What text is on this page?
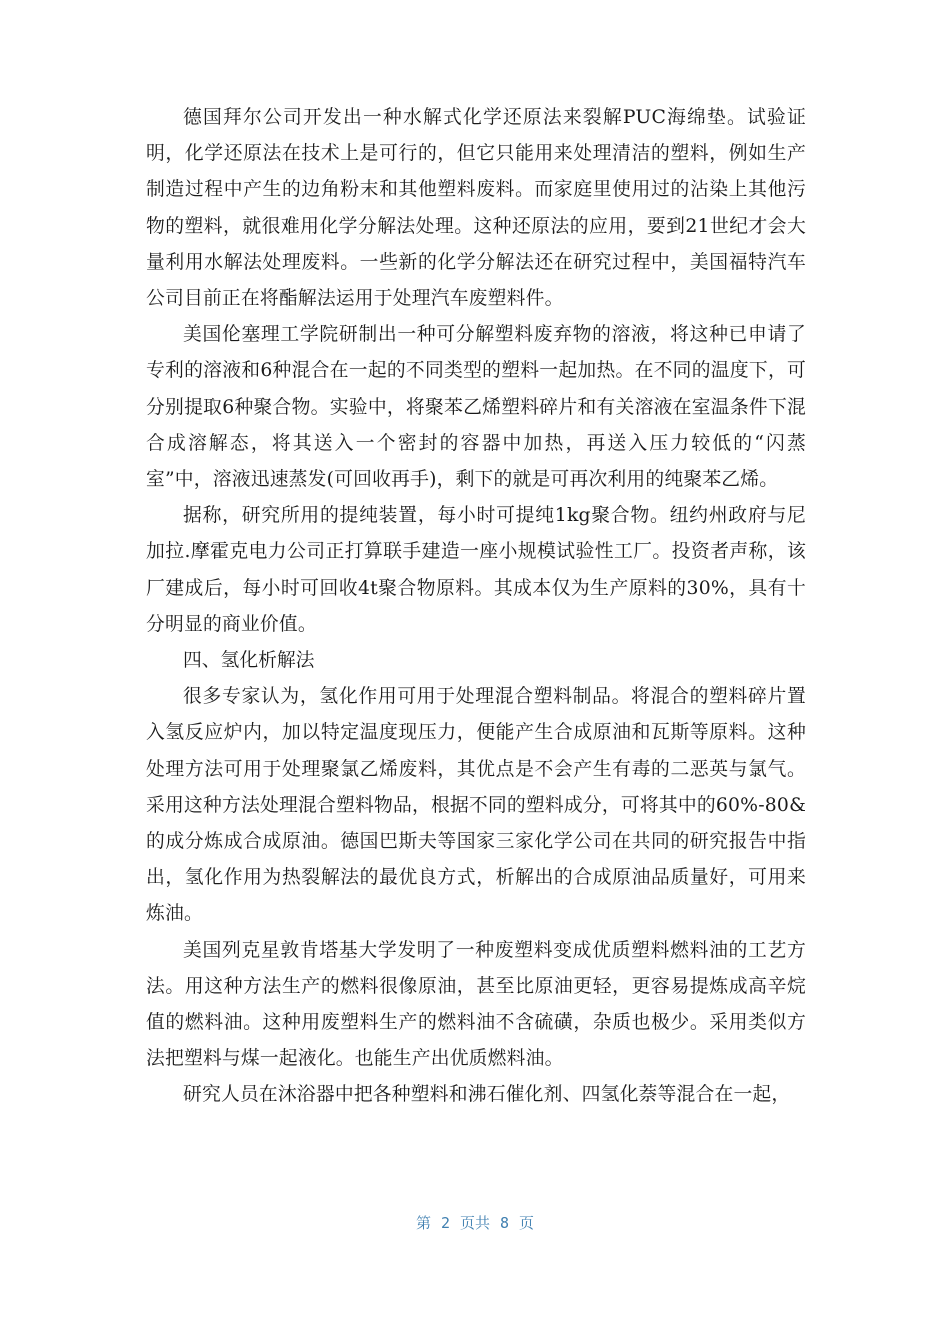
德国拜尔公司开发出一种水解式化学还原法来裂解PUC海绵垫。试验证明，化学还原法在技术上是可行的，但它只能用来处理清洁的塑料，例如生产制造过程中产生的边角粉末和其他塑料废料。而家庭里使用过的沾染上其他污物的塑料，就很难用化学分解法处理。这种还原法的应用，要到21世纪才会大量利用水解法处理废料。一些新的化学分解法还在研究过程中，美国福特汽车公司目前正在将酯解法运用于处理汽车废塑料件。

美国伦塞理工学院研制出一种可分解塑料废弃物的溶液，将这种已申请了专利的溶液和6种混合在一起的不同类型的塑料一起加热。在不同的温度下，可分别提取6种聚合物。实验中，将聚苯乙烯塑料碎片和有关溶液在室温条件下混合成溶解态，将其送入一个密封的容器中加热，再送入压力较低的“闪蒸室”中，溶液迅速蒸发(可回收再手)，剩下的就是可再次利用的纯聚苯乙烯。

据称，研究所用的提纯装置，每小时可提纯1kg聚合物。纽约州政府与尼加拉.摩霍克电力公司正打算联手建造一座小规模试验性工厂。投资者声称，该厂建成后，每小时可回收4t聚合物原料。其成本仅为生产原料的30%，具有十分明显的商业价值。

四、氢化析解法

很多专家认为，氢化作用可用于处理混合塑料制品。将混合的塑料碎片置入氢反应炉内，加以特定温度现压力，便能产生合成原油和瓦斯等原料。这种处理方法可用于处理聚氯乙烯废料，其优点是不会产生有毒的二恶英与氯气。采用这种方法处理混合塑料物品，根据不同的塑料成分，可将其中的60%-80&的成分炼成合成原油。德国巴斯夫等国家三家化学公司在共同的研究报告中指出，氢化作用为热裂解法的最优良方式，析解出的合成原油品质量好，可用来炼油。

美国列克星敦肯塔基大学发明了一种废塑料变成优质塑料燃料油的工艺方法。用这种方法生产的燃料很像原油，甚至比原油更轻，更容易提炼成高辛烷值的燃料油。这种用废塑料生产的燃料油不含硫磺，杂质也极少。采用类似方法把塑料与煤一起液化。也能生产出优质燃料油。

研究人员在沐浴器中把各种塑料和沸石催化剂、四氢化萘等混合在一起，

第 2 页共 8 页
